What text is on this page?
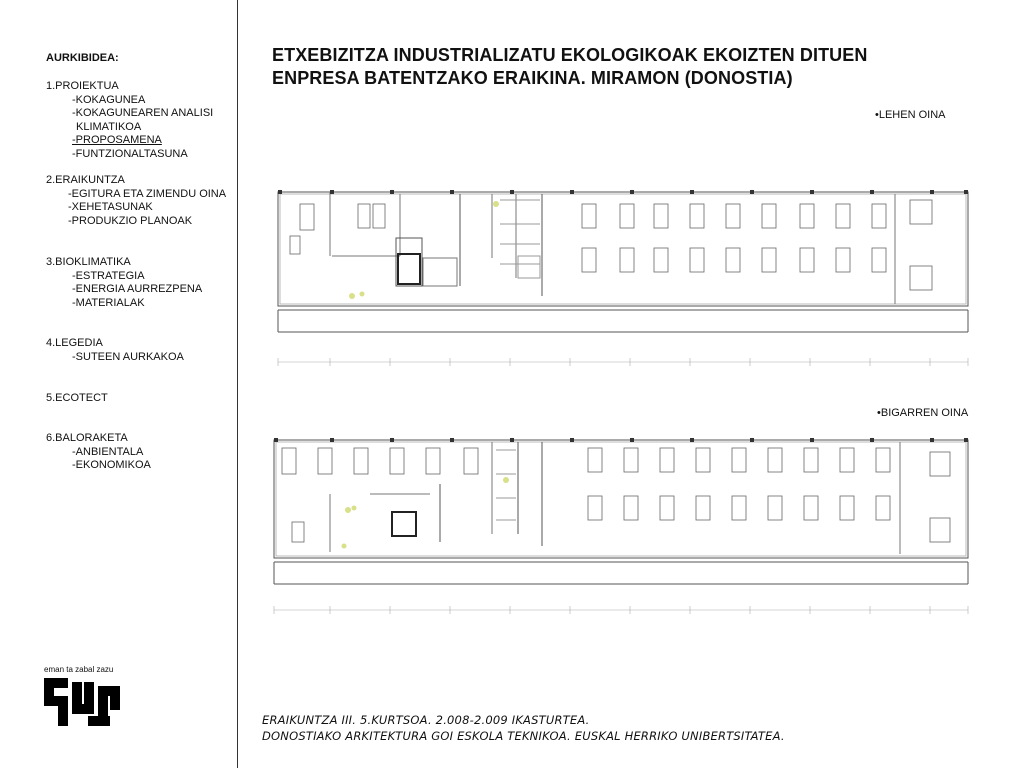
AURKIBIDEA:
1.PROIEKTUA
-KOKAGUNEA
-KOKAGUNEAREN ANALISI
KLIMATIKOA
-PROPOSAMENA
-FUNTZIONALTASUNA
2.ERAIKUNTZA
-EGITURA ETA ZIMENDU OINA
-XEHETASUNAK
-PRODUKZIO PLANOAK
3.BIOKLIMATIKA
-ESTRATEGIA
-ENERGIA AURREZPENA
-MATERIALAK
4.LEGEDIA
-SUTEEN AURKAKOA
5.ECOTECT
6.BALORAKETA
-ANBIENTALA
-EKONOMIKOA
eman ta zabal zazu
ETXEBIZITZA INDUSTRIALIZATU EKOLOGIKOAK EKOIZTEN DITUEN
ENPRESA BATENTZAKO ERAIKINA. MIRAMON (DONOSTIA)
•LEHEN OINA
•BIGARREN OINA
ERAIKUNTZA III. 5.KURTSOA. 2.008-2.009 IKASTURTEA.
DONOSTIAKO ARKITEKTURA GOI ESKOLA TEKNIKOA. EUSKAL HERRIKO UNIBERTSITATEA.
